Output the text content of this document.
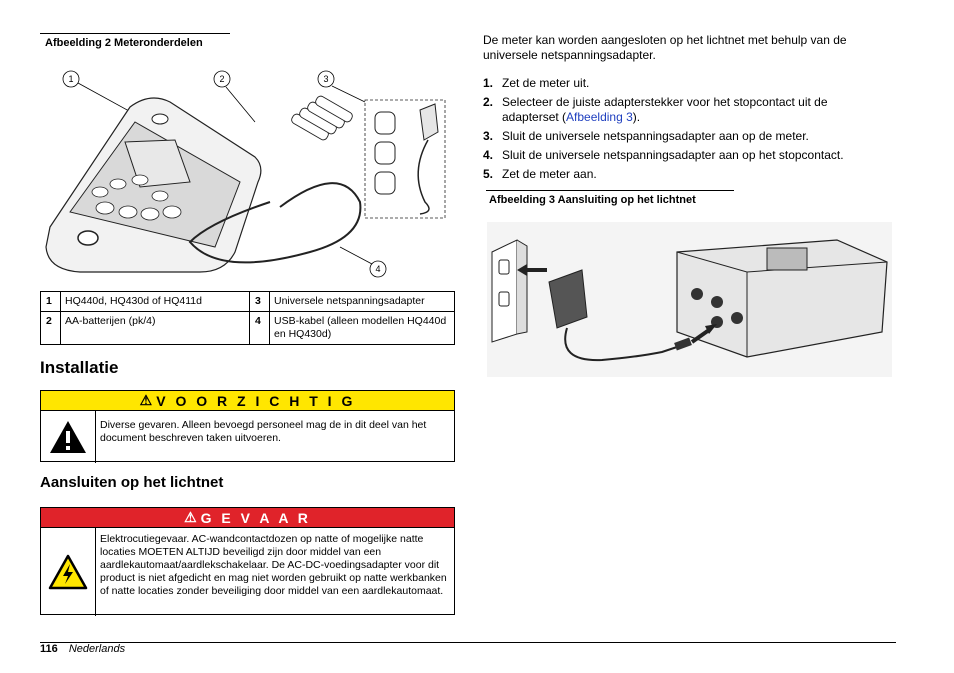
Afbeelding 2 Meteronderdelen
1	2	3
4
1	HQ440d, HQ430d of HQ411d	3	Universele netspanningsadapter
2	AA-batterijen (pk/4)	4	USB-kabel (alleen modellen HQ440d en HQ430d)
Installatie
⚠ V O O R Z I C H T I G
Diverse gevaren. Alleen bevoegd personeel mag de in dit deel van het document beschreven taken uitvoeren.
Aansluiten op het lichtnet
⚠ G E V A A R
Elektrocutiegevaar. AC-wandcontactdozen op natte of mogelijke natte locaties MOETEN ALTIJD beveiligd zijn door middel van een aardlekautomaat/aardlekschakelaar. De AC-DC-voedingsadapter voor dit product is niet afgedicht en mag niet worden gebruikt op natte werkbanken of natte locaties zonder beveiliging door middel van een aardlekautomaat.
De meter kan worden aangesloten op het lichtnet met behulp van de universele netspanningsadapter.
1. Zet de meter uit.
2. Selecteer de juiste adapterstekker voor het stopcontact uit de adapterset (Afbeelding 3).
3. Sluit de universele netspanningsadapter aan op de meter.
4. Sluit de universele netspanningsadapter aan op het stopcontact.
5. Zet de meter aan.
Afbeelding 3 Aansluiting op het lichtnet
116 Nederlands
